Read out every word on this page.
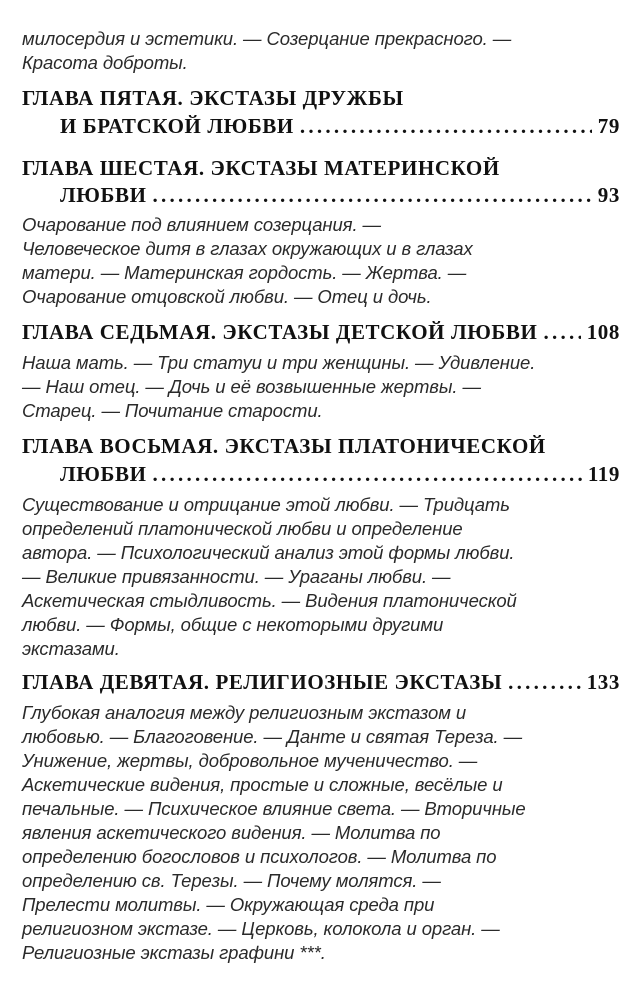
милосердия и эстетики. — Созерцание прекрасного. —
Красота доброты.
ГЛАВА ПЯТАЯ. ЭКСТАЗЫ ДРУЖБЫ
И БРАТСКОЙ ЛЮБВИ . . .	79
ГЛАВА ШЕСТАЯ. ЭКСТАЗЫ МАТЕРИНСКОЙ
ЛЮБВИ . . .	93
Очарование под влиянием созерцания. —
Человеческое дитя в глазах окружающих и в глазах
матери. — Материнская гордость. — Жертва. —
Очарование отцовской любви. — Отец и дочь.
ГЛАВА СЕДЬМАЯ. ЭКСТАЗЫ ДЕТСКОЙ ЛЮБВИ . . . 108
Наша мать. — Три статуи и три женщины. — Удивление.
— Наш отец. — Дочь и её возвышенные жертвы. —
Старец. — Почитание старости.
ГЛАВА ВОСЬМАЯ. ЭКСТАЗЫ ПЛАТОНИЧЕСКОЙ
ЛЮБВИ . . .	119
Существование и отрицание этой любви. — Тридцать
определений платонической любви и определение
автора. — Психологический анализ этой формы любви.
— Великие привязанности. — Ураганы любви. —
Аскетическая стыдливость. — Видения платонической
любви. — Формы, общие с некоторыми другими
экстазами.
ГЛАВА ДЕВЯТАЯ. РЕЛИГИОЗНЫЕ ЭКСТАЗЫ . . .	133
Глубокая аналогия между религиозным экстазом и
любовью. — Благоговение. — Данте и святая Тереза. —
Унижение, жертвы, добровольное мученичество. —
Аскетические видения, простые и сложные, весёлые и
печальные. — Психическое влияние света. — Вторичные
явления аскетического видения. — Молитва по
определению богословов и психологов. — Молитва по
определению св. Терезы. — Почему молятся. —
Прелести молитвы. — Окружающая среда при
религиозном экстазе. — Церковь, колокола и орган. —
Религиозные экстазы графини ***.
